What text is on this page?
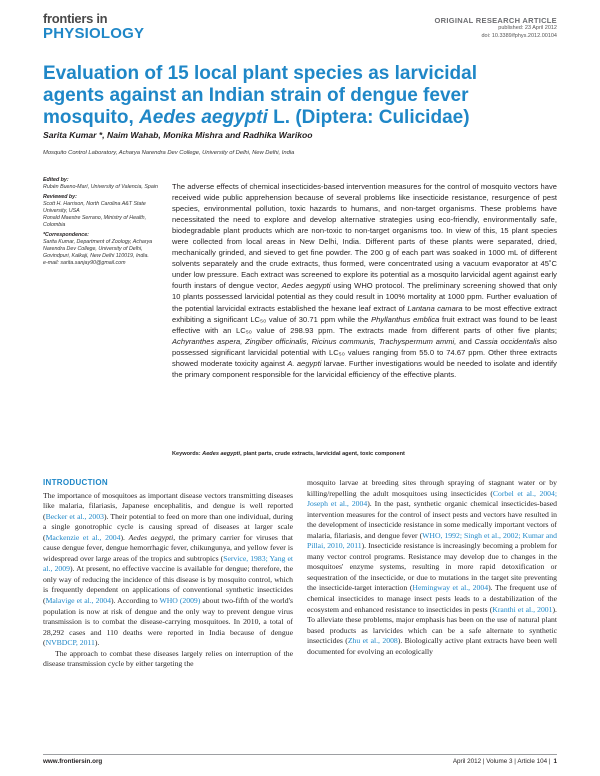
frontiers in
PHYSIOLOGY
ORIGINAL RESEARCH ARTICLE
published: 23 April 2012
doi: 10.3389/fphys.2012.00104
Evaluation of 15 local plant species as larvicidal agents against an Indian strain of dengue fever mosquito, Aedes aegypti L. (Diptera: Culicidae)
Sarita Kumar *, Naim Wahab, Monika Mishra and Radhika Warikoo
Mosquito Control Laboratory, Acharya Narendra Dev College, University of Delhi, New Delhi, India
Edited by:
Rubén Bueno-Marí, University of Valencia, Spain
Reviewed by:
Scott H. Harrison, North Carolina A&T State University, USA
Ronald Maestre Serrano, Ministry of Health, Colombia
*Correspondence:
Sarita Kumar, Department of Zoology, Acharya Narendra Dev College, University of Delhi, Govindpuri, Kalkaji, New Delhi 110019, India.
e-mail: sarita.sanjay90@gmail.com
The adverse effects of chemical insecticides-based intervention measures for the control of mosquito vectors have received wide public apprehension because of several problems like insecticide resistance, resurgence of pest species, environmental pollution, toxic hazards to humans, and non-target organisms. These problems have necessitated the need to explore and develop alternative strategies using eco-friendly, environmentally safe, biodegradable plant products which are non-toxic to non-target organisms too. In view of this, 15 plant species were collected from local areas in New Delhi, India. Different parts of these plants were separated, dried, mechanically grinded, and sieved to get fine powder. The 200 g of each part was soaked in 1000 mL of different solvents separately and the crude extracts, thus formed, were concentrated using a vacuum evaporator at 45˚C under low pressure. Each extract was screened to explore its potential as a mosquito larvicidal agent against early fourth instars of dengue vector, Aedes aegypti using WHO protocol. The preliminary screening showed that only 10 plants possessed larvicidal potential as they could result in 100% mortality at 1000 ppm. Further evaluation of the potential larvicidal extracts established the hexane leaf extract of Lantana camara to be most effective extract exhibiting a significant LC₅₀ value of 30.71 ppm while the Phyllanthus emblica fruit extract was found to be least effective with an LC₅₀ value of 298.93 ppm. The extracts made from different parts of other five plants; Achyranthes aspera, Zingiber officinalis, Ricinus communis, Trachyspermum ammi, and Cassia occidentalis also possessed significant larvicidal potential with LC₅₀ values ranging from 55.0 to 74.67 ppm. Other three extracts showed moderate toxicity against A. aegypti larvae. Further investigations would be needed to isolate and identify the primary component responsible for the larvicidal efficiency of the effective plants.
Keywords: Aedes aegypti, plant parts, crude extracts, larvicidal agent, toxic component
INTRODUCTION

The importance of mosquitoes as important disease vectors transmitting diseases like malaria, filariasis, Japanese encephalitis, and dengue is well reported (Becker et al., 2003). Their potential to feed on more than one individual, during a single gonotrophic cycle is causing spread of diseases at larger scale (Mackenzie et al., 2004). Aedes aegypti, the primary carrier for viruses that cause dengue fever, dengue hemorrhagic fever, chikungunya, and yellow fever is widespread over large areas of the tropics and subtropics (Service, 1983; Yang et al., 2009). At present, no effective vaccine is available for dengue; therefore, the only way of reducing the incidence of this disease is by mosquito control, which is frequently dependent on applications of conventional synthetic insecticides (Malavige et al., 2004). According to WHO (2009) about two-fifth of the world's population is now at risk of dengue and the only way to prevent dengue virus transmission is to combat the disease-carrying mosquitoes. In 2010, a total of 28,292 cases and 110 deaths were reported in India because of dengue (NVBDCP, 2011).

The approach to combat these diseases largely relies on interruption of the disease transmission cycle by either targeting the

mosquito larvae at breeding sites through spraying of stagnant water or by killing/repelling the adult mosquitoes using insecticides (Corbel et al., 2004; Joseph et al., 2004). In the past, synthetic organic chemical insecticides-based intervention measures for the control of insect pests and vectors have resulted in the development of insecticide resistance in some medically important vectors of malaria, filariasis, and dengue fever (WHO, 1992; Singh et al., 2002; Kumar and Pillai, 2010, 2011). Insecticide resistance is increasingly becoming a problem for many vector control programs. Resistance may develop due to changes in the mosquitoes' enzyme systems, resulting in more rapid detoxification or sequestration of the insecticide, or due to mutations in the target site preventing the insecticide-target interaction (Hemingway et al., 2004). The frequent use of chemical insecticides to manage insect pests leads to a destabilization of the ecosystem and enhanced resistance to insecticides in pests (Kranthi et al., 2001). To alleviate these problems, major emphasis has been on the use of natural plant based products as larvicides which can be a safe alternate to synthetic insecticides (Zhu et al., 2008). Biologically active plant extracts have been well documented for evolving an ecologically

www.frontiersin.org	April 2012 | Volume 3 | Article 104 | 1
